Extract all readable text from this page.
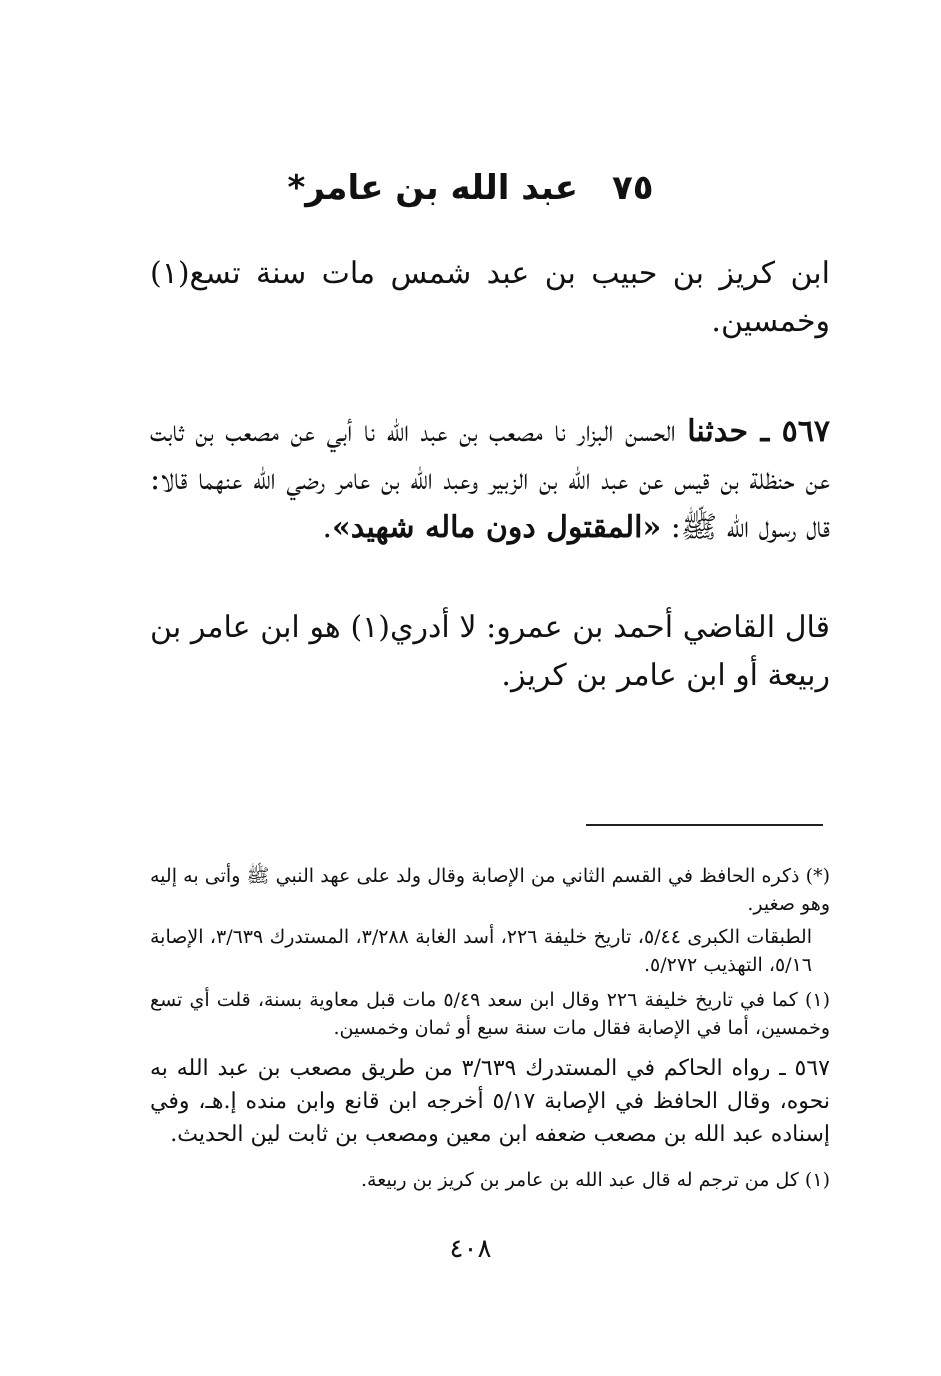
٧٥عبد الله بن عامر*
ابن كريز بن حبيب بن عبد شمس مات سنة تسع(١) وخمسين.
٥٦٧ ـ حدثنا الحسن البزار نا مصعب بن عبد الله نا أبي عن مصعب بن ثابت عن حنظلة بن قيس عن عبد الله بن الزبير وعبد الله بن عامر رضي الله عنهما قالا: قال رسول الله ﷺ: «المقتول دون ماله شهيد».
قال القاضي أحمد بن عمرو: لا أدري(١) هو ابن عامر بن ربيعة أو ابن عامر بن كريز.
(*) ذكره الحافظ في القسم الثاني من الإصابة وقال ولد على عهد النبي ﷺ وأتى به إليه وهو صغير.
الطبقات الكبرى ٥/٤٤، تاريخ خليفة ٢٢٦، أسد الغابة ٣/٢٨٨، المستدرك ٣/٦٣٩، الإصابة ٥/١٦، التهذيب ٥/٢٧٢.
(١) كما في تاريخ خليفة ٢٢٦ وقال ابن سعد ٥/٤٩ مات قبل معاوية بسنة، قلت أي تسع وخمسين، أما في الإصابة فقال مات سنة سبع أو ثمان وخمسين.
٥٦٧ ـ رواه الحاكم في المستدرك ٣/٦٣٩ من طريق مصعب بن عبد الله به نحوه، وقال الحافظ في الإصابة ٥/١٧ أخرجه ابن قانع وابن منده إ.هـ، وفي إسناده عبد الله بن مصعب ضعفه ابن معين ومصعب بن ثابت لين الحديث.
(١) كل من ترجم له قال عبد الله بن عامر بن كريز بن ربيعة.
٤٠٨
